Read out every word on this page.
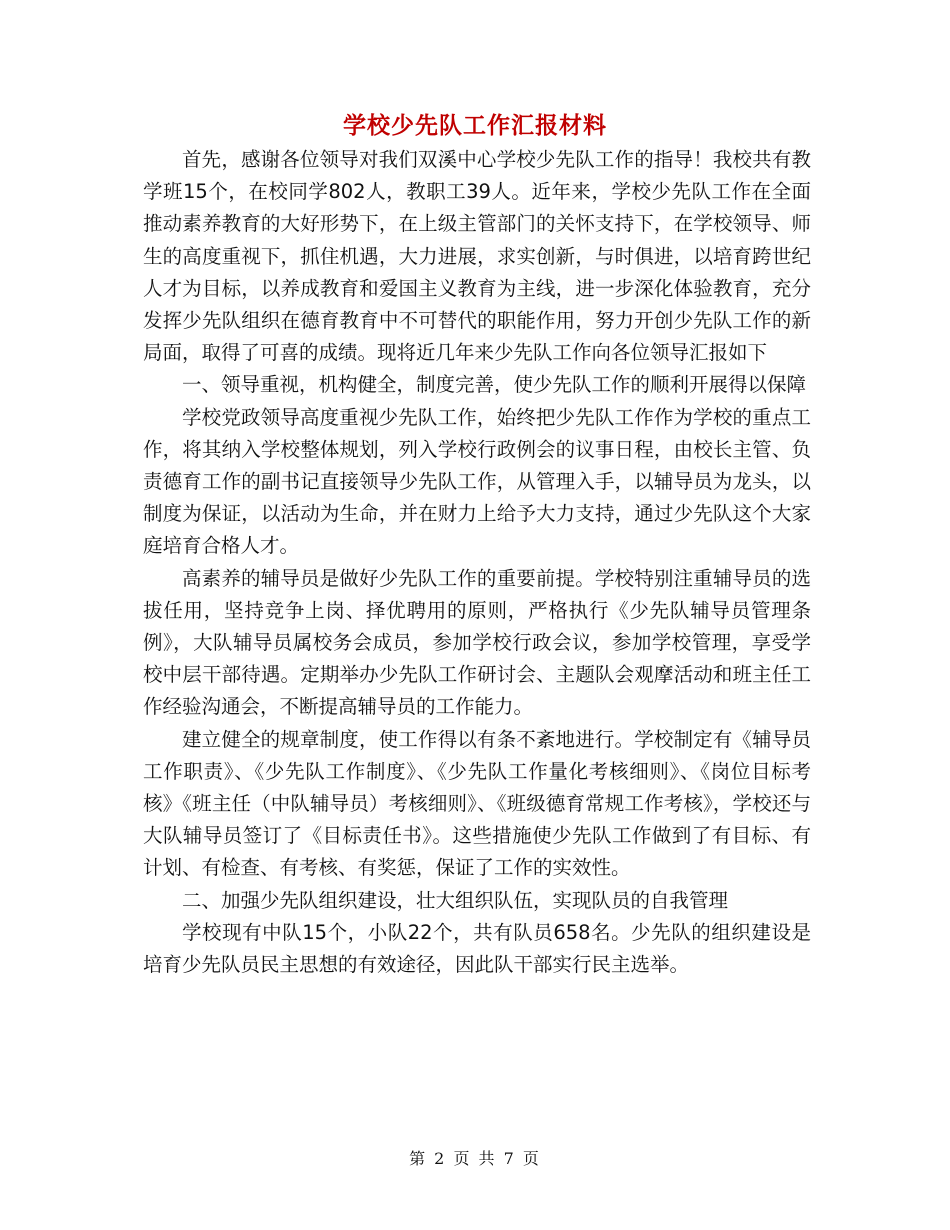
学校少先队工作汇报材料

首先，感谢各位领导对我们双溪中心学校少先队工作的指导！我校共有教学班15个，在校同学802人，教职工39人。近年来，学校少先队工作在全面推动素养教育的大好形势下，在上级主管部门的关怀支持下，在学校领导、师生的高度重视下，抓住机遇，大力进展，求实创新，与时俱进，以培育跨世纪人才为目标，以养成教育和爱国主义教育为主线，进一步深化体验教育，充分发挥少先队组织在德育教育中不可替代的职能作用，努力开创少先队工作的新局面，取得了可喜的成绩。现将近几年来少先队工作向各位领导汇报如下

一、领导重视，机构健全，制度完善，使少先队工作的顺利开展得以保障

学校党政领导高度重视少先队工作，始终把少先队工作作为学校的重点工作，将其纳入学校整体规划，列入学校行政例会的议事日程，由校长主管、负责德育工作的副书记直接领导少先队工作，从管理入手，以辅导员为龙头，以制度为保证，以活动为生命，并在财力上给予大力支持，通过少先队这个大家庭培育合格人才。

高素养的辅导员是做好少先队工作的重要前提。学校特别注重辅导员的选拔任用，坚持竞争上岗、择优聘用的原则，严格执行《少先队辅导员管理条例》，大队辅导员属校务会成员，参加学校行政会议，参加学校管理，享受学校中层干部待遇。定期举办少先队工作研讨会、主题队会观摩活动和班主任工作经验沟通会，不断提高辅导员的工作能力。

建立健全的规章制度，使工作得以有条不紊地进行。学校制定有《辅导员工作职责》、《少先队工作制度》、《少先队工作量化考核细则》、《岗位目标考核》《班主任（中队辅导员）考核细则》、《班级德育常规工作考核》，学校还与大队辅导员签订了《目标责任书》。这些措施使少先队工作做到了有目标、有计划、有检查、有考核、有奖惩，保证了工作的实效性。

二、加强少先队组织建设，壮大组织队伍，实现队员的自我管理

学校现有中队15个，小队22个，共有队员658名。少先队的组织建设是培育少先队员民主思想的有效途径，因此队干部实行民主选举。

第 2 页 共 7 页
